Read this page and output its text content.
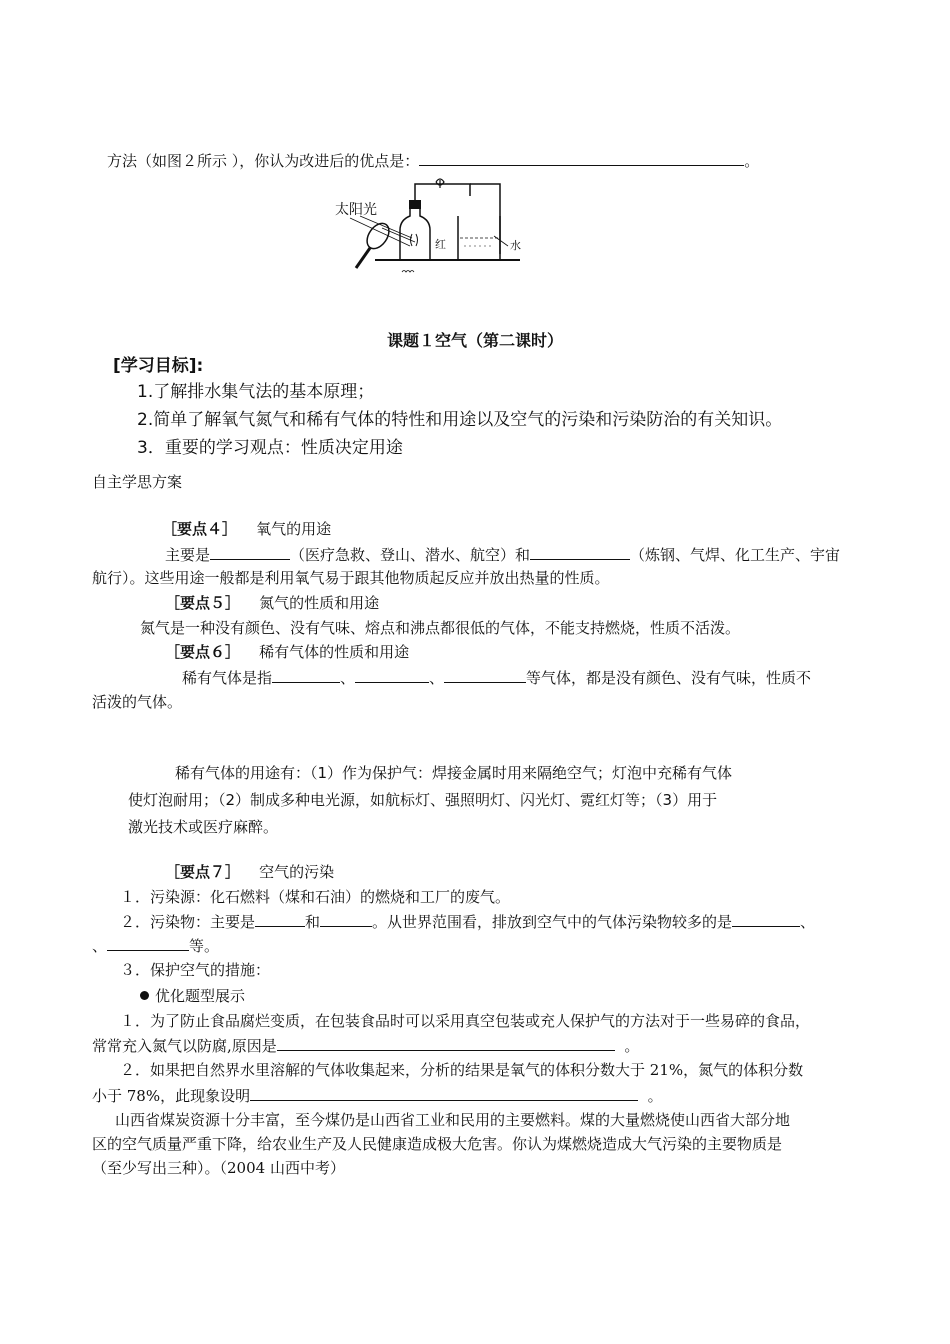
方法（如图２所示 ），你认为改进后的优点是：	。
太阳光
红	水
课题１空气（第二课时）
[学习目标]:
1.了解排水集气法的基本原理；
2.简单了解氧气氮气和稀有气体的特性和用途以及空气的污染和污染防治的有关知识。
3．重要的学习观点：性质决定用途
自主学思方案
［要点４］ 氧气的用途
主要是	（医疗急救、登山、潜水、航空）和	（炼钢、气焊、化工生产、宇宙
航行）。这些用途一般都是利用氧气易于跟其他物质起反应并放出热量的性质。
［要点５］ 氮气的性质和用途
氮气是一种没有颜色、没有气味、熔点和沸点都很低的气体，不能支持燃烧，性质不活泼。
［要点６］ 稀有气体的性质和用途
稀有气体是指	、	、	等气体，都是没有颜色、没有气味，性质不
活泼的气体。
稀有气体的用途有：（1）作为保护气：焊接金属时用来隔绝空气；灯泡中充稀有气体
使灯泡耐用；（2）制成多种电光源，如航标灯、强照明灯、闪光灯、霓红灯等；（3）用于
激光技术或医疗麻醉。
［要点７］ 空气的污染
１．污染源：化石燃料（煤和石油）的燃烧和工厂的废气。
２．污染物：主要是	和	。从世界范围看，排放到空气中的气体污染物较多的是	、
、	等。
３．保护空气的措施：
优化题型展示
１．为了防止食品腐烂变质，在包装食品时可以采用真空包装或充人保护气的方法对于一些易碎的食品，
常常充入氮气以防腐,原因是	。
２．如果把自然界水里溶解的气体收集起来，分析的结果是氧气的体积分数大于 21%，氮气的体积分数
小于 78%，此现象设明	。
山西省煤炭资源十分丰富，至今煤仍是山西省工业和民用的主要燃料。煤的大量燃烧使山西省大部分地
区的空气质量严重下降，给农业生产及人民健康造成极大危害。你认为煤燃烧造成大气污染的主要物质是
（至少写出三种）。（2004 山西中考）
